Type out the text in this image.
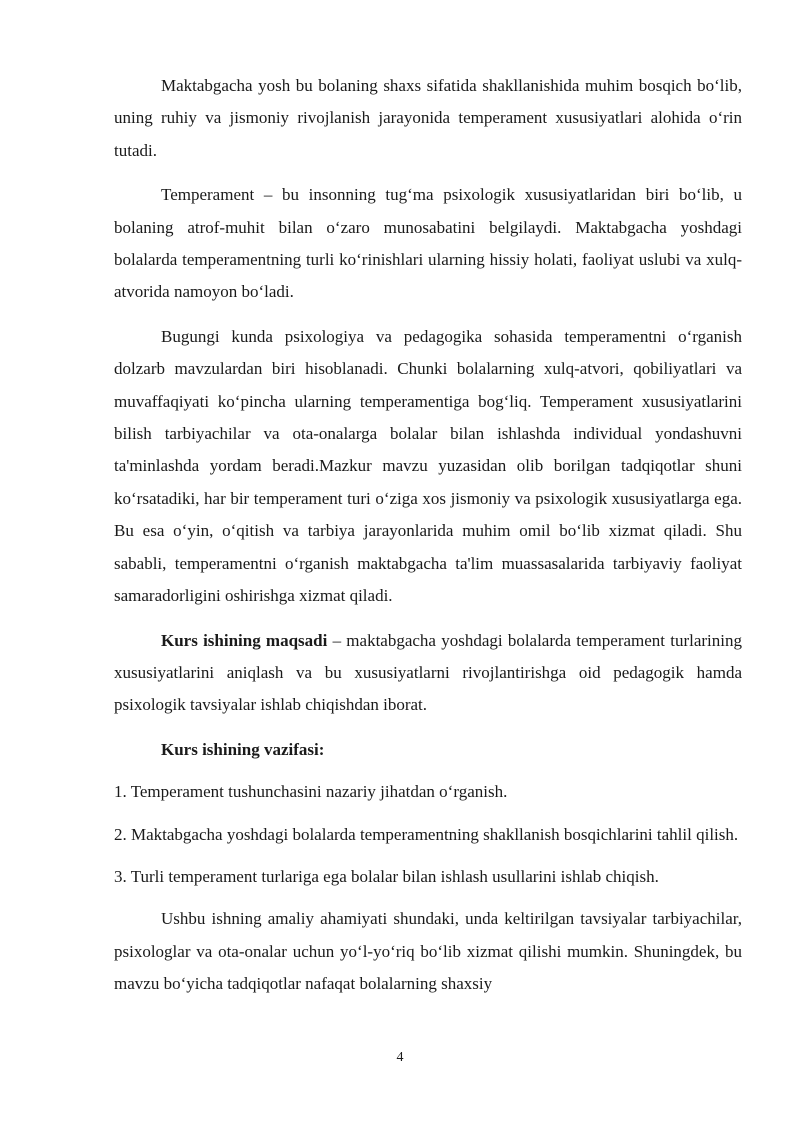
Maktabgacha yosh bu bolaning shaxs sifatida shakllanishida muhim bosqich bo‘lib, uning ruhiy va jismoniy rivojlanish jarayonida temperament xususiyatlari alohida o‘rin tutadi.

Temperament – bu insonning tug‘ma psixologik xususiyatlaridan biri bo‘lib, u bolaning atrof-muhit bilan o‘zaro munosabatini belgilaydi. Maktabgacha yoshdagi bolalarda temperamentning turli ko‘rinishlari ularning hissiy holati, faoliyat uslubi va xulq-atvorida namoyon bo‘ladi.

Bugungi kunda psixologiya va pedagogika sohasida temperamentni o‘rganish dolzarb mavzulardan biri hisoblanadi. Chunki bolalarning xulq-atvori, qobiliyatlari va muvaffaqiyati ko‘pincha ularning temperamentiga bog‘liq. Temperament xususiyatlarini bilish tarbiyachilar va ota-onalarga bolalar bilan ishlashda individual yondashuvni ta'minlashda yordam beradi.Mazkur mavzu yuzasidan olib borilgan tadqiqotlar shuni ko‘rsatadiki, har bir temperament turi o‘ziga xos jismoniy va psixologik xususiyatlarga ega. Bu esa o‘yin, o‘qitish va tarbiya jarayonlarida muhim omil bo‘lib xizmat qiladi. Shu sababli, temperamentni o‘rganish maktabgacha ta'lim muassasalarida tarbiyaviy faoliyat samaradorligini oshirishga xizmat qiladi.

Kurs ishining maqsadi – maktabgacha yoshdagi bolalarda temperament turlarining xususiyatlarini aniqlash va bu xususiyatlarni rivojlantirishga oid pedagogik hamda psixologik tavsiyalar ishlab chiqishdan iborat.

Kurs ishining vazifasi:

1. Temperament tushunchasini nazariy jihatdan o‘rganish.

2. Maktabgacha yoshdagi bolalarda temperamentning shakllanish bosqichlarini tahlil qilish.

3. Turli temperament turlariga ega bolalar bilan ishlash usullarini ishlab chiqish.

Ushbu ishning amaliy ahamiyati shundaki, unda keltirilgan tavsiyalar tarbiyachilar, psixologlar va ota-onalar uchun yo‘l-yo‘riq bo‘lib xizmat qilishi mumkin. Shuningdek, bu mavzu bo‘yicha tadqiqotlar nafaqat bolalarning shaxsiy

4
